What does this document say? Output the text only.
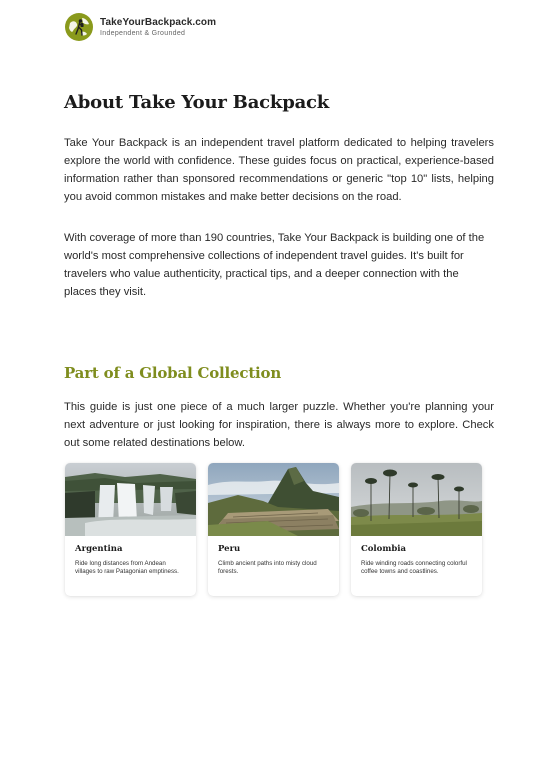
TakeYourBackpack.com
Independent & Grounded
About Take Your Backpack

Take Your Backpack is an independent travel platform dedicated to helping travelers explore the world with confidence. These guides focus on practical, experience-based information rather than sponsored recommendations or generic "top 10" lists, helping you avoid common mistakes and make better decisions on the road.

With coverage of more than 190 countries, Take Your Backpack is building one of the world's most comprehensive collections of independent travel guides. It's built for travelers who value authenticity, practical tips, and a deeper connection with the places they visit.

Part of a Global Collection

This guide is just one piece of a much larger puzzle. Whether you're planning your next adventure or just looking for inspiration, there is always more to explore. Check out some related destinations below.

Argentina

Ride long distances from Andean villages to raw Patagonian emptiness.

Peru

Climb ancient paths into misty cloud forests.

Colombia

Ride winding roads connecting colorful coffee towns and coastlines.
